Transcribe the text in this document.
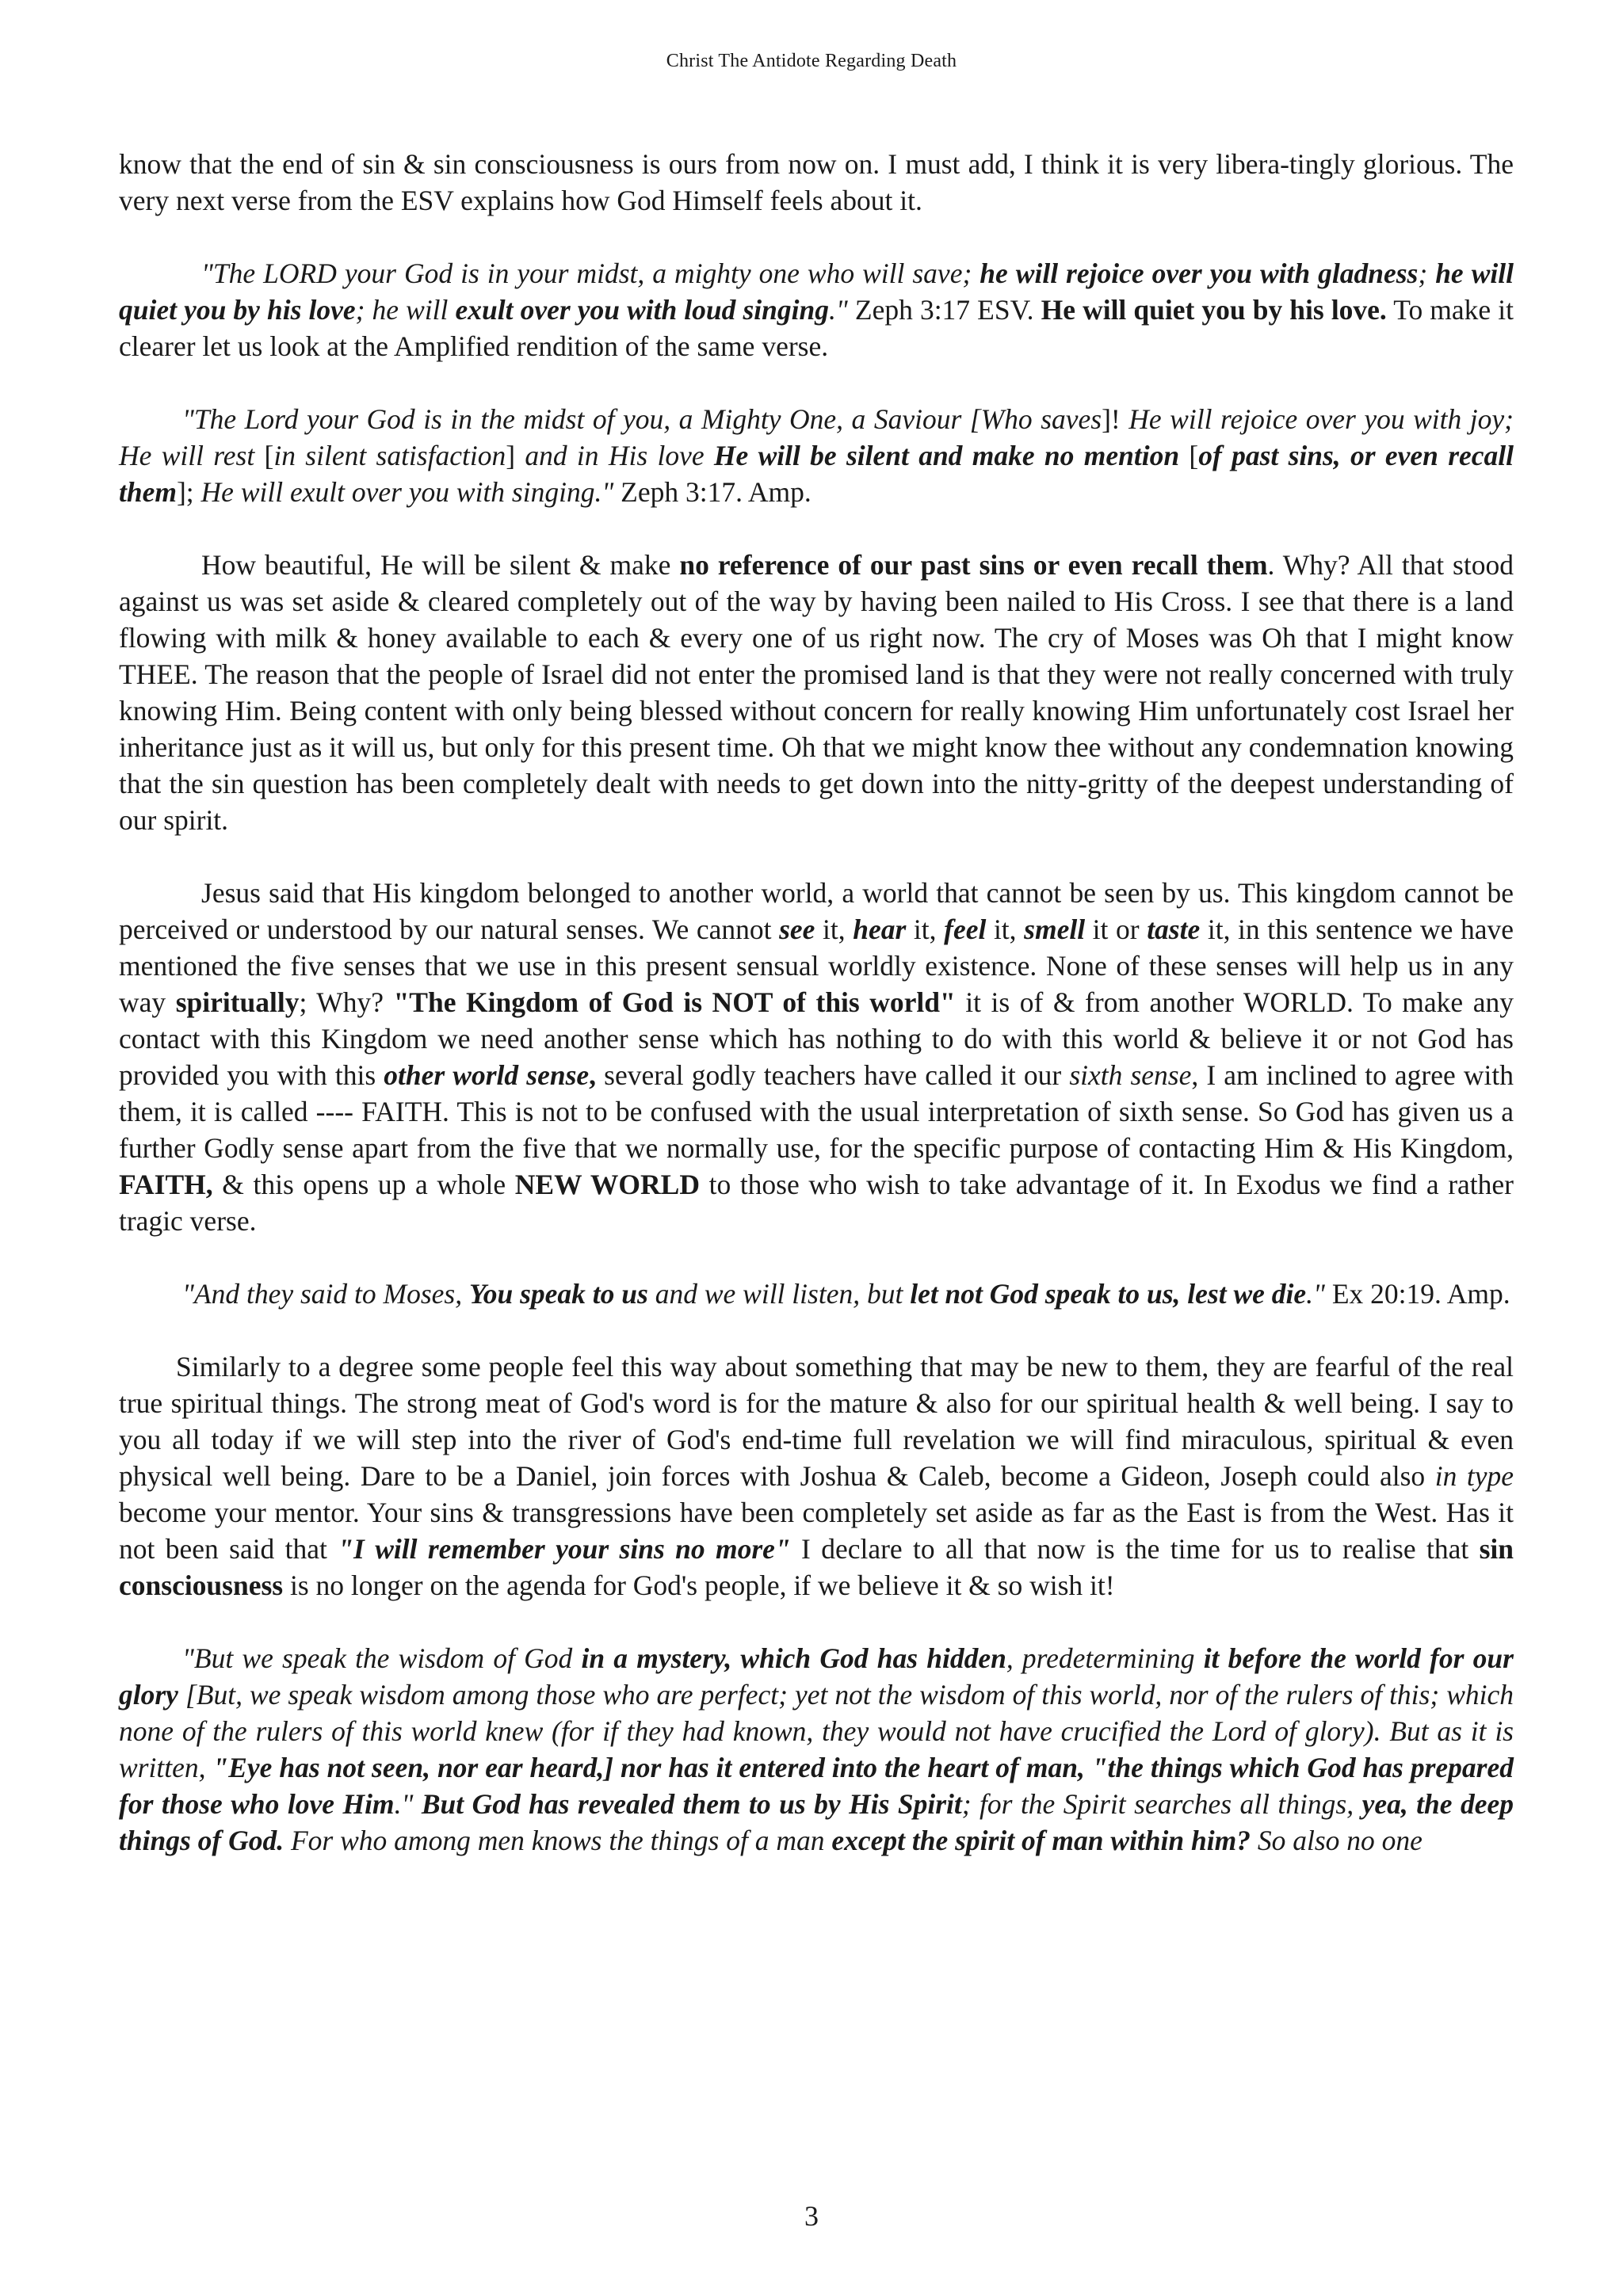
Christ The Antidote Regarding Death

know that the end of sin & sin consciousness is ours from now on. I must add, I think it is very libera-tingly glorious. The very next verse from the ESV explains how God Himself feels about it.

"The LORD your God is in your midst, a mighty one who will save; he will rejoice over you with gladness; he will quiet you by his love; he will exult over you with loud singing." Zeph 3:17 ESV. He will quiet you by his love. To make it clearer let us look at the Amplified rendition of the same verse.

"The Lord your God is in the midst of you, a Mighty One, a Saviour [Who saves]! He will rejoice over you with joy; He will rest [in silent satisfaction] and in His love He will be silent and make no mention [of past sins, or even recall them]; He will exult over you with singing." Zeph 3:17. Amp.

How beautiful, He will be silent & make no reference of our past sins or even recall them. Why? All that stood against us was set aside & cleared completely out of the way by having been nailed to His Cross. I see that there is a land flowing with milk & honey available to each & every one of us right now. The cry of Moses was Oh that I might know THEE. The reason that the people of Israel did not enter the promised land is that they were not really concerned with truly knowing Him. Being content with only being blessed without concern for really knowing Him unfortunately cost Israel her inheritance just as it will us, but only for this present time. Oh that we might know thee without any condemnation knowing that the sin question has been completely dealt with needs to get down into the nitty-gritty of the deepest understanding of our spirit.

Jesus said that His kingdom belonged to another world, a world that cannot be seen by us. This kingdom cannot be perceived or understood by our natural senses. We cannot see it, hear it, feel it, smell it or taste it, in this sentence we have mentioned the five senses that we use in this present sensual worldly existence. None of these senses will help us in any way spiritually; Why? "The Kingdom of God is NOT of this world" it is of & from another WORLD. To make any contact with this Kingdom we need another sense which has nothing to do with this world & believe it or not God has provided you with this other world sense, several godly teachers have called it our sixth sense, I am inclined to agree with them, it is called ---- FAITH. This is not to be confused with the usual interpretation of sixth sense. So God has given us a further Godly sense apart from the five that we normally use, for the specific purpose of contacting Him & His Kingdom, FAITH, & this opens up a whole NEW WORLD to those who wish to take advantage of it. In Exodus we find a rather tragic verse.

"And they said to Moses, You speak to us and we will listen, but let not God speak to us, lest we die." Ex 20:19. Amp.

Similarly to a degree some people feel this way about something that may be new to them, they are fearful of the real true spiritual things. The strong meat of God's word is for the mature & also for our spiritual health & well being. I say to you all today if we will step into the river of God's end-time full revelation we will find miraculous, spiritual & even physical well being. Dare to be a Daniel, join forces with Joshua & Caleb, become a Gideon, Joseph could also in type become your mentor. Your sins & transgressions have been completely set aside as far as the East is from the West. Has it not been said that "I will remember your sins no more" I declare to all that now is the time for us to realise that sin consciousness is no longer on the agenda for God's people, if we believe it & so wish it!

"But we speak the wisdom of God in a mystery, which God has hidden, predetermining it before the world for our glory [But, we speak wisdom among those who are perfect; yet not the wisdom of this world, nor of the rulers of this; which none of the rulers of this world knew (for if they had known, they would not have crucified the Lord of glory). But as it is written, "Eye has not seen, nor ear heard,] nor has it entered into the heart of man, "the things which God has prepared for those who love Him." But God has revealed them to us by His Spirit; for the Spirit searches all things, yea, the deep things of God. For who among men knows the things of a man except the spirit of man within him? So also no one

3
